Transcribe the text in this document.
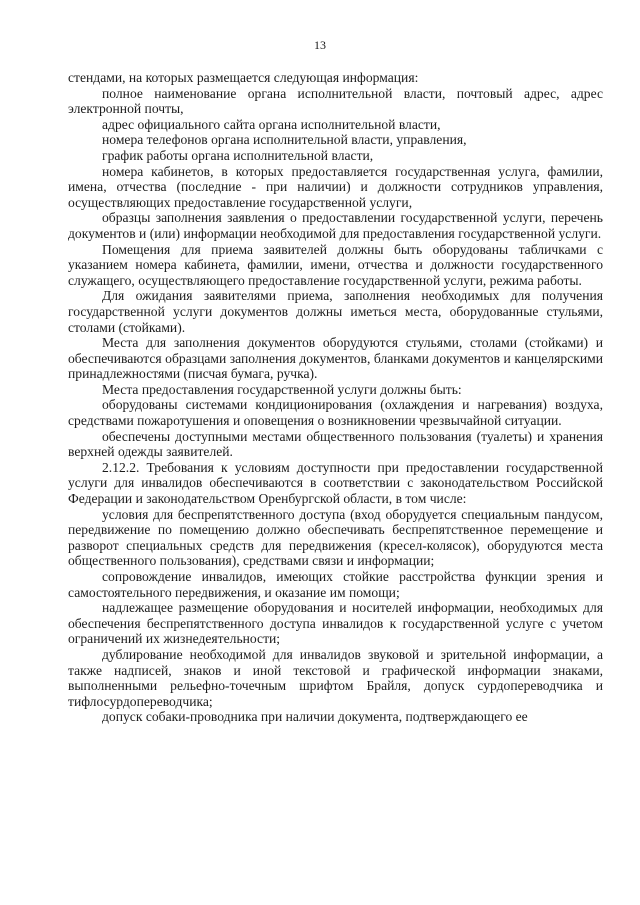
13

стендами, на которых размещается следующая информация:

полное наименование органа исполнительной власти, почтовый адрес, адрес электронной почты,

адрес официального сайта органа исполнительной власти,

номера телефонов органа исполнительной власти, управления,

график работы органа исполнительной власти,

номера кабинетов, в которых предоставляется государственная услуга, фамилии, имена, отчества (последние - при наличии) и должности сотрудников управления, осуществляющих предоставление государственной услуги,

образцы заполнения заявления о предоставлении государственной услуги, перечень документов и (или) информации необходимой для предоставления государственной услуги.

Помещения для приема заявителей должны быть оборудованы табличками с указанием номера кабинета, фамилии, имени, отчества и должности государственного служащего, осуществляющего предоставление государственной услуги, режима работы.

Для ожидания заявителями приема, заполнения необходимых для получения государственной услуги документов должны иметься места, оборудованные стульями, столами (стойками).

Места для заполнения документов оборудуются стульями, столами (стойками) и обеспечиваются образцами заполнения документов, бланками документов и канцелярскими принадлежностями (писчая бумага, ручка).

Места предоставления государственной услуги должны быть:

оборудованы системами кондиционирования (охлаждения и нагревания) воздуха, средствами пожаротушения и оповещения о возникновении чрезвычайной ситуации.

обеспечены доступными местами общественного пользования (туалеты) и хранения верхней одежды заявителей.

2.12.2. Требования к условиям доступности при предоставлении государственной услуги для инвалидов обеспечиваются в соответствии с законодательством Российской Федерации и законодательством Оренбургской области, в том числе:

условия для беспрепятственного доступа (вход оборудуется специальным пандусом, передвижение по помещению должно обеспечивать беспрепятственное перемещение и разворот специальных средств для передвижения (кресел-колясок), оборудуются места общественного пользования), средствами связи и информации;

сопровождение инвалидов, имеющих стойкие расстройства функции зрения и самостоятельного передвижения, и оказание им помощи;

надлежащее размещение оборудования и носителей информации, необходимых для обеспечения беспрепятственного доступа инвалидов к государственной услуге с учетом ограничений их жизнедеятельности;

дублирование необходимой для инвалидов звуковой и зрительной информации, а также надписей, знаков и иной текстовой и графической информации знаками, выполненными рельефно-точечным шрифтом Брайля, допуск сурдопереводчика и тифлосурдопереводчика;

допуск собаки-проводника при наличии документа, подтверждающего ее
